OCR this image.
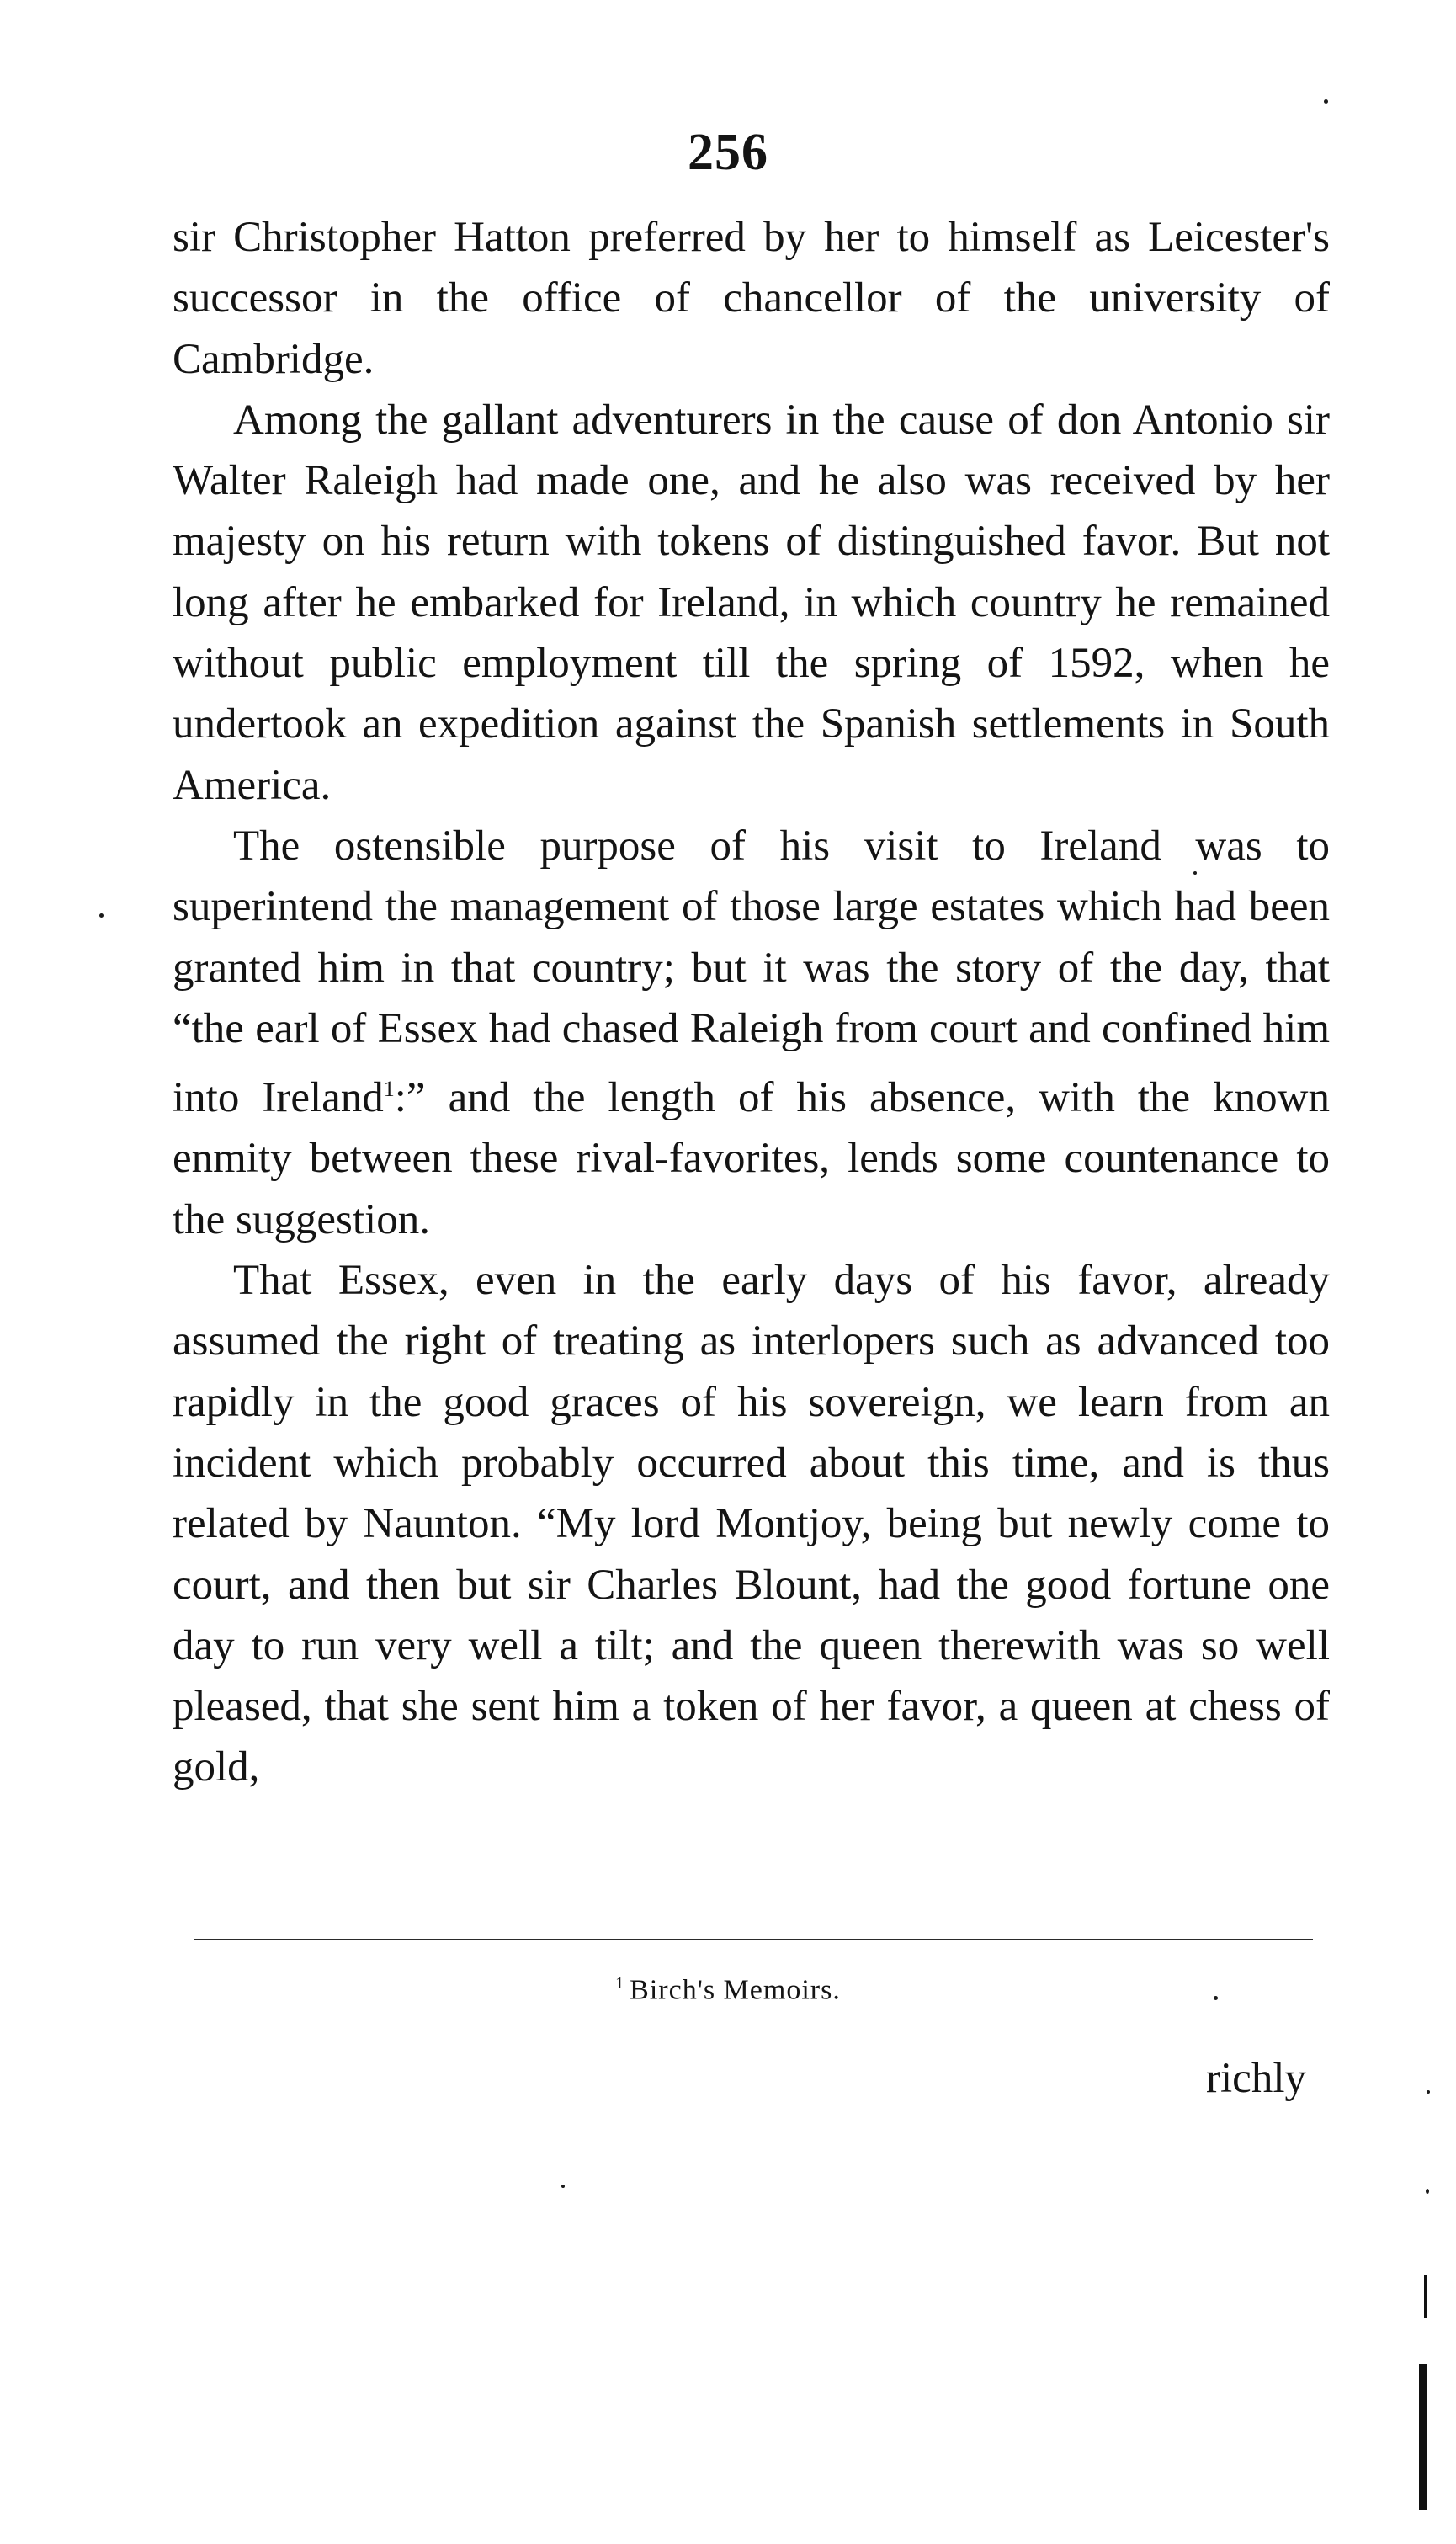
256

sir Christopher Hatton preferred by her to himself as Leicester's successor in the office of chancellor of the university of Cambridge.

Among the gallant adventurers in the cause of don Antonio sir Walter Raleigh had made one, and he also was received by her majesty on his return with tokens of distinguished favor. But not long after he embarked for Ireland, in which country he remained without public employment till the spring of 1592, when he undertook an expedition against the Spanish settlements in South America.

The ostensible purpose of his visit to Ireland was to superintend the management of those large estates which had been granted him in that country; but it was the story of the day, that “the earl of Essex had chased Raleigh from court and confined him into Ireland$^1$:” and the length of his absence, with the known enmity between these rival-favorites, lends some countenance to the suggestion.

That Essex, even in the early days of his favor, already assumed the right of treating as interlopers such as advanced too rapidly in the good graces of his sovereign, we learn from an incident which probably occurred about this time, and is thus related by Naunton. “My lord Montjoy, being but newly come to court, and then but sir Charles Blount, had the good fortune one day to run very well a tilt; and the queen therewith was so well pleased, that she sent him a token of her favor, a queen at chess of gold,

$^1$ Birch's Memoirs.
richly
